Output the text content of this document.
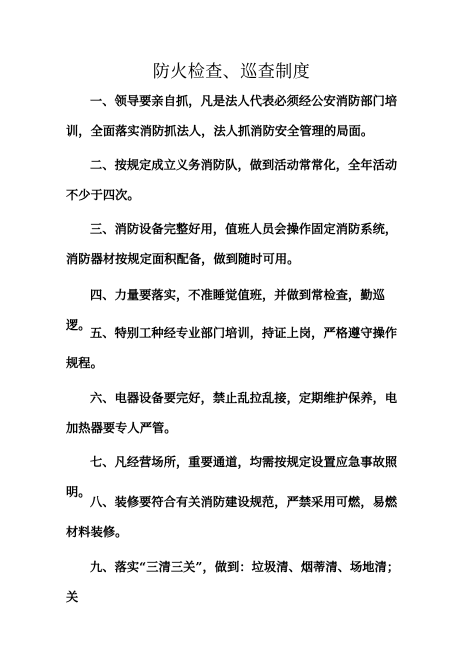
防火检查、巡查制度

一、领导要亲自抓，凡是法人代表必须经公安消防部门培训，全面落实消防抓法人，法人抓消防安全管理的局面。

二、按规定成立义务消防队，做到活动常常化，全年活动不少于四次。

三、消防设备完整好用，值班人员会操作固定消防系统，消防器材按规定面积配备，做到随时可用。

四、力量要落实，不准睡觉值班，并做到常检查，勤巡逻。

五、特别工种经专业部门培训，持证上岗，严格遵守操作规程。

六、电器设备要完好，禁止乱拉乱接，定期维护保养，电加热器要专人严管。

七、凡经营场所，重要通道，均需按规定设置应急事故照明。

八、装修要符合有关消防建设规范，严禁采用可燃，易燃材料装修。

九、落实“三清三关”，做到：垃圾清、烟蒂清、场地清；关
